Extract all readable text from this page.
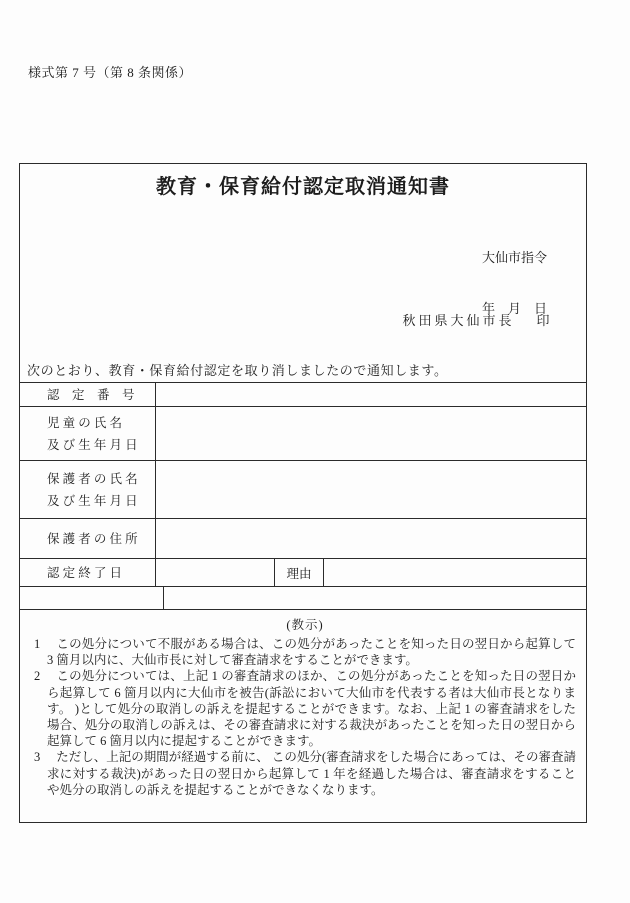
様式第 7 号（第 8 条関係）
教育・保育給付認定取消通知書

大仙市指令

年　月　日

秋田県大仙市長 印

次のとおり、教育・保育給付認定を取り消しましたので通知します。
認　定　番　号
児 童 の 氏 名
及 び 生 年 月 日
保 護 者 の 氏 名
及 び 生 年 月 日
保 護 者 の 住 所
認 定 終 了 日	理由
(教示)
1 この処分について不服がある場合は、この処分があったことを知った日の翌日から起算して 3 箇月以内に、大仙市長に対して審査請求をすることができます。
2 この処分については、上記 1 の審査請求のほか、この処分があったことを知った日の翌日から起算して 6 箇月以内に大仙市を被告(訴訟において大仙市を代表する者は大仙市長となります。 )として処分の取消しの訴えを提起することができます。なお、上記 1 の審査請求をした場合、処分の取消しの訴えは、その審査請求に対する裁決があったことを知った日の翌日から起算して 6 箇月以内に提起することができます。
3 ただし、上記の期間が経過する前に、 この処分(審査請求をした場合にあっては、その審査請求に対する裁決)があった日の翌日から起算して 1 年を経過した場合は、審査請求をすることや処分の取消しの訴えを提起することができなくなります。
